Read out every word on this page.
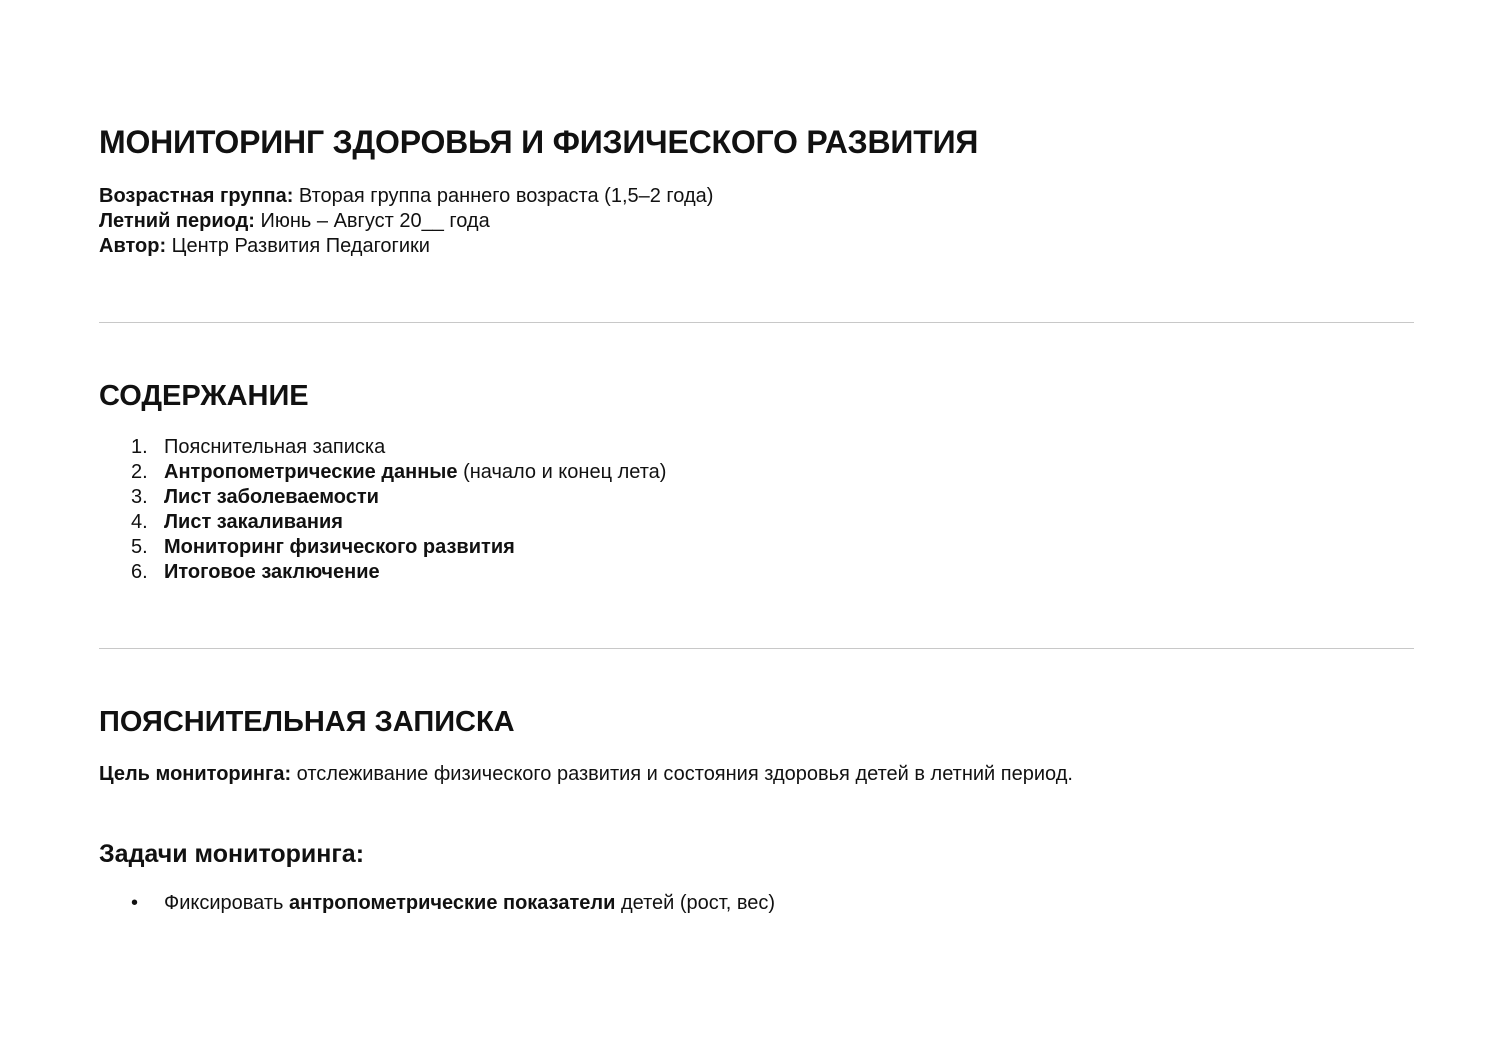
МОНИТОРИНГ ЗДОРОВЬЯ И ФИЗИЧЕСКОГО РАЗВИТИЯ
Возрастная группа: Вторая группа раннего возраста (1,5–2 года)
Летний период: Июнь – Август 20__ года
Автор: Центр Развития Педагогики
СОДЕРЖАНИЕ
1. Пояснительная записка
2. Антропометрические данные (начало и конец лета)
3. Лист заболеваемости
4. Лист закаливания
5. Мониторинг физического развития
6. Итоговое заключение
ПОЯСНИТЕЛЬНАЯ ЗАПИСКА
Цель мониторинга: отслеживание физического развития и состояния здоровья детей в летний период.
Задачи мониторинга:
• Фиксировать антропометрические показатели детей (рост, вес)
